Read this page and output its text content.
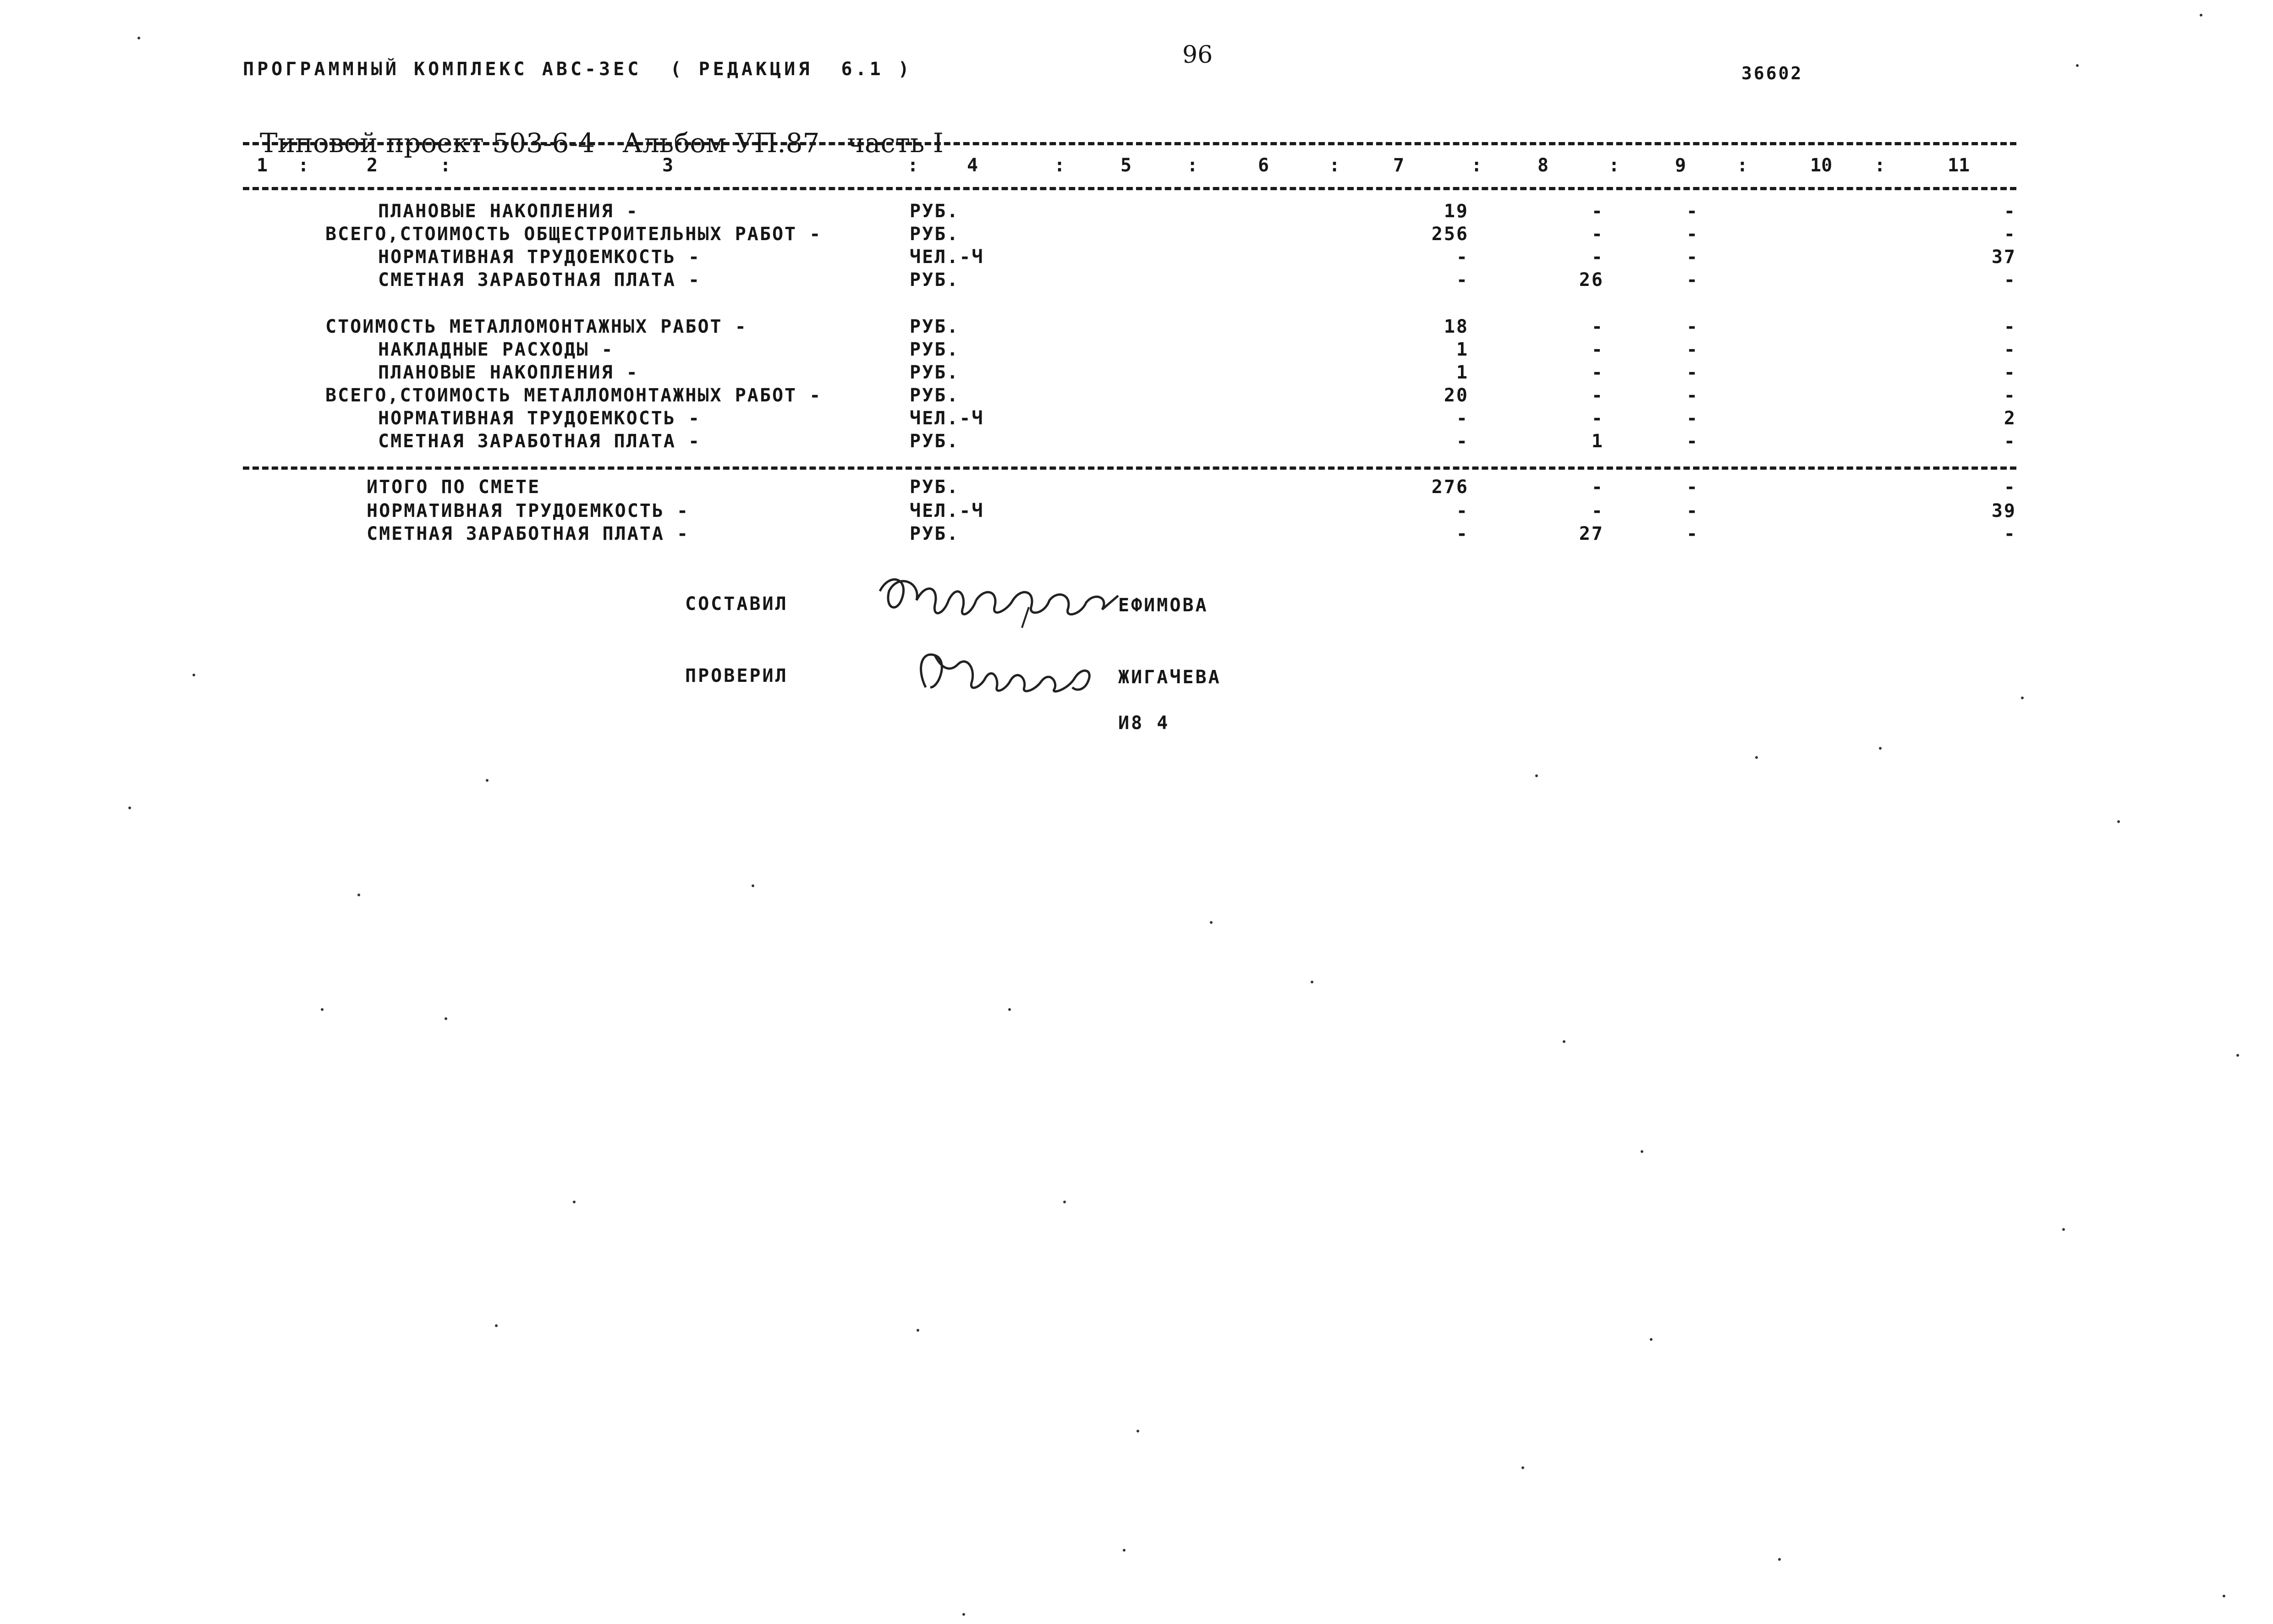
ПРОГРАММНЫЙ КОМПЛЕКС АВС-ЗЕС  ( РЕДАКЦИЯ  6.1 )
96
36602

Типовой проект 503-6-4 Альбом УП.87 часть I

1	2	3	4	5	6	7	8	9	10	11
:	:	:	:	:	:	:	:	:	:
ПЛАНОВЫЕ НАКОПЛЕНИЯ -	РУБ.	19	-	-	-
ВСЕГО,СТОИМОСТЬ ОБЩЕСТРОИТЕЛЬНЫХ РАБОТ -	РУБ.	256	-	-	-
НОРМАТИВНАЯ ТРУДОЕМКОСТЬ -	ЧЕЛ.-Ч	-	-	-	37
СМЕТНАЯ ЗАРАБОТНАЯ ПЛАТА -	РУБ.	-	26	-	-
СТОИМОСТЬ МЕТАЛЛОМОНТАЖНЫХ РАБОТ -	РУБ.	18	-	-	-
НАКЛАДНЫЕ РАСХОДЫ -	РУБ.	1	-	-	-
ПЛАНОВЫЕ НАКОПЛЕНИЯ -	РУБ.	1	-	-	-
ВСЕГО,СТОИМОСТЬ МЕТАЛЛОМОНТАЖНЫХ РАБОТ -	РУБ.	20	-	-	-
НОРМАТИВНАЯ ТРУДОЕМКОСТЬ -	ЧЕЛ.-Ч	-	-	-	2
СМЕТНАЯ ЗАРАБОТНАЯ ПЛАТА -	РУБ.	-	1	-	-
ИТОГО ПО СМЕТЕ	РУБ.	276	-	-	-
НОРМАТИВНАЯ ТРУДОЕМКОСТЬ -	ЧЕЛ.-Ч	-	-	-	39
СМЕТНАЯ ЗАРАБОТНАЯ ПЛАТА -	РУБ.	-	27	-	-
СОСТАВИЛ	ЕФИМОВА
ПРОВЕРИЛ	ЖИГАЧЕВА
И8 4
